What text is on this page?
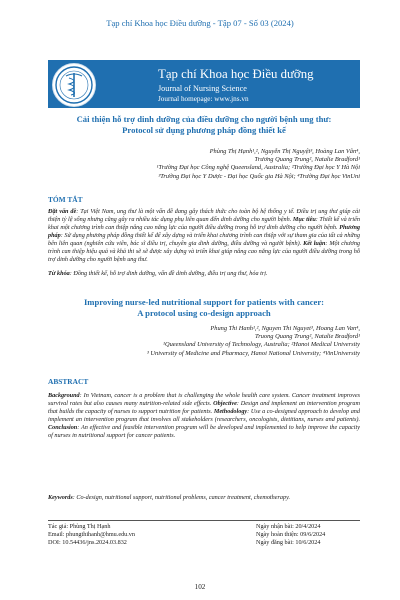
Tạp chí Khoa học Điều dưỡng - Tập 07 - Số 03 (2024)
Tạp chí Khoa học Điều dưỡng
Journal of Nursing Science
Journal homepage: www.jns.vn
Cải thiện hỗ trợ dinh dưỡng của điều dưỡng cho người bệnh ung thư:
Protocol sử dụng phương pháp đồng thiết kế
Phùng Thị Hạnh¹,², Nguyễn Thị Nguyệt³, Hoàng Lan Vân⁴,
Trương Quang Trung², Natalie Bradford¹
¹Trường Đại học Công nghệ Queensland, Australia; ²Trường Đại học Y Hà Nội
³Trường Đại học Y Dược - Đại học Quốc gia Hà Nội; ⁴Trường Đại học VinUni
TÓM TẮT
Đặt vấn đề: Tại Việt Nam, ung thư là một vấn đề đang gây thách thức cho toàn bộ hệ thống y tế. Điều trị ung thư giúp cải thiện tỷ lệ sống nhưng cũng gây ra nhiều tác dụng phụ liên quan đến dinh dưỡng cho người bệnh. Mục tiêu: Thiết kế và triển khai một chương trình can thiệp nâng cao năng lực của người điều dưỡng trong hỗ trợ dinh dưỡng cho người bệnh. Phương pháp: Sử dụng phương pháp đồng thiết kế để xây dựng và triển khai chương trình can thiệp với sự tham gia của tất cả những bên liên quan (nghiên cứu viên, bác sĩ điều trị, chuyên gia dinh dưỡng, điều dưỡng và người bệnh). Kết luận: Một chương trình can thiệp hiệu quả và khả thi sẽ sẽ được xây dựng và triển khai giúp nâng cao năng lực của người điều dưỡng trong hỗ trợ dinh dưỡng cho người bệnh ung thư.
Từ khóa: Đồng thiết kế, hỗ trợ dinh dưỡng, vấn đề dinh dưỡng, điều trị ung thư, hóa trị.
Improving nurse-led nutritional support for patients with cancer:
A protocol using co-design approach
Phung Thi Hanh¹,², Nguyen Thi Nguyet³, Hoang Lan Van⁴,
Truong Quang Trung², Natalie Bradford¹
¹Queensland University of Technology, Australia; ²Hanoi Medical University
³ University of Medicine and Pharmacy, Hanoi National University; ⁴VinUniversity
ABSTRACT
Background: In Vietnam, cancer is a problem that is challenging the whole health care system. Cancer treatment improves survival rates but also causes many nutrition-related side effects. Objective: Design and implement an intervention program that builds the capacity of nurses to support nutrition for patients. Methodology: Use a co-designed approach to develop and implement an intervention program that involves all stakeholders (researchers, oncologists, dietitians, nurses and patients). Conclusion: An effective and feasible intervention program will be developed and implemented to help improve the capacity of nurses in nutritional support for cancer patients.
Keywords: Co-design, nutritional support, nutritional problems, cancer treatment, chemotherapy.
Tác giả: Phùng Thị Hạnh
Email: phungthihanh@hmu.edu.vn
DOI: 10.54436/jns.2024.03.832
Ngày nhận bài: 20/4/2024
Ngày hoàn thiện: 09/6/2024
Ngày đăng bài: 10/6/2024
102
